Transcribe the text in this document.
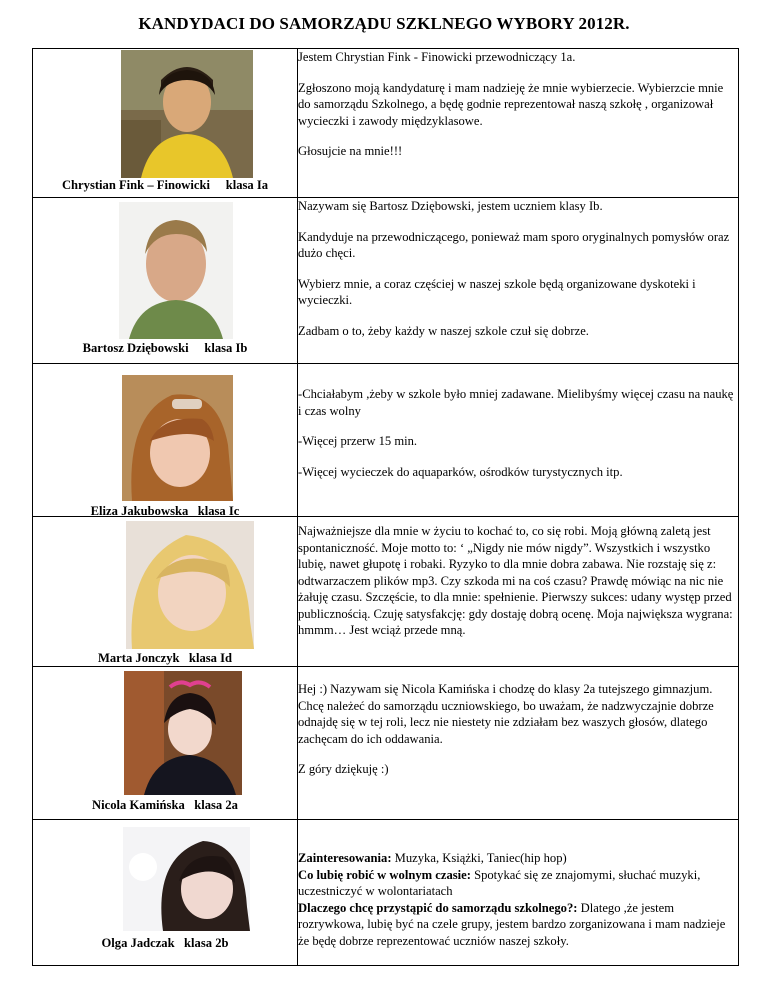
KANDYDACI DO SAMORZĄDU SZKLNEGO WYBORY 2012R.
Chrystian Fink – Finowicki     klasa Ia	Jestem Chrystian Fink - Finowicki przewodniczący 1a.

Zgłoszono moją kandydaturę i mam nadzieję że mnie wybierzecie. Wybierzcie mnie do samorządu Szkolnego, a będę godnie reprezentował naszą szkołę , organizował wycieczki i zawody międzyklasowe.

Głosujcie na mnie!!!

Bartosz Dziębowski     klasa Ib	Nazywam się Bartosz Dziębowski, jestem uczniem klasy Ib.

Kandyduje na przewodniczącego, ponieważ mam sporo oryginalnych pomysłów oraz dużo chęci.

Wybierz mnie, a coraz częściej w naszej szkole będą organizowane dyskoteki i wycieczki.

Zadbam o to, żeby każdy w naszej szkole czuł się dobrze.

Eliza Jakubowska   klasa Ic	-Chciałabym ,żeby w szkole było mniej zadawane. Mielibyśmy więcej czasu na naukę i czas wolny

-Więcej przerw 15 min.

-Więcej wycieczek do aquaparków, ośrodków turystycznych itp.

Marta Jonczyk   klasa Id	Najważniejsze dla mnie w życiu to kochać to, co się robi. Moją główną zaletą jest spontaniczność. Moje motto to: ‘ „Nigdy nie mów nigdy”. Wszystkich i wszystko lubię, nawet głupotę i robaki. Ryzyko to dla mnie dobra zabawa. Nie rozstaję się z: odtwarzaczem plików mp3. Czy szkoda mi na coś czasu? Prawdę mówiąc na nic nie żałuję czasu. Szczęście, to dla mnie: spełnienie. Pierwszy sukces: udany występ przed publicznością. Czuję satysfakcję: gdy dostaję dobrą ocenę. Moja największa wygrana: hmmm… Jest wciąż przede mną.

Nicola Kamińska   klasa 2a	Hej :) Nazywam się Nicola Kamińska i chodzę do klasy 2a tutejszego gimnazjum. Chcę należeć do samorządu uczniowskiego, bo uważam, że nadzwyczajnie dobrze odnajdę się w tej roli, lecz nie niestety nie zdziałam bez waszych głosów, dlatego zachęcam do ich oddawania.

Z góry dziękuję :)

Olga Jadczak   klasa 2b	Zainteresowania: Muzyka, Książki, Taniec(hip hop)
Co lubię robić w wolnym czasie: Spotykać się ze znajomymi, słuchać muzyki, uczestniczyć w wolontariatach
Dlaczego chcę przystąpić do samorządu szkolnego?: Dlatego ,że jestem rozrywkowa, lubię być na czele grupy, jestem bardzo zorganizowana i mam nadzieje że będę dobrze reprezentować uczniów naszej szkoły.
